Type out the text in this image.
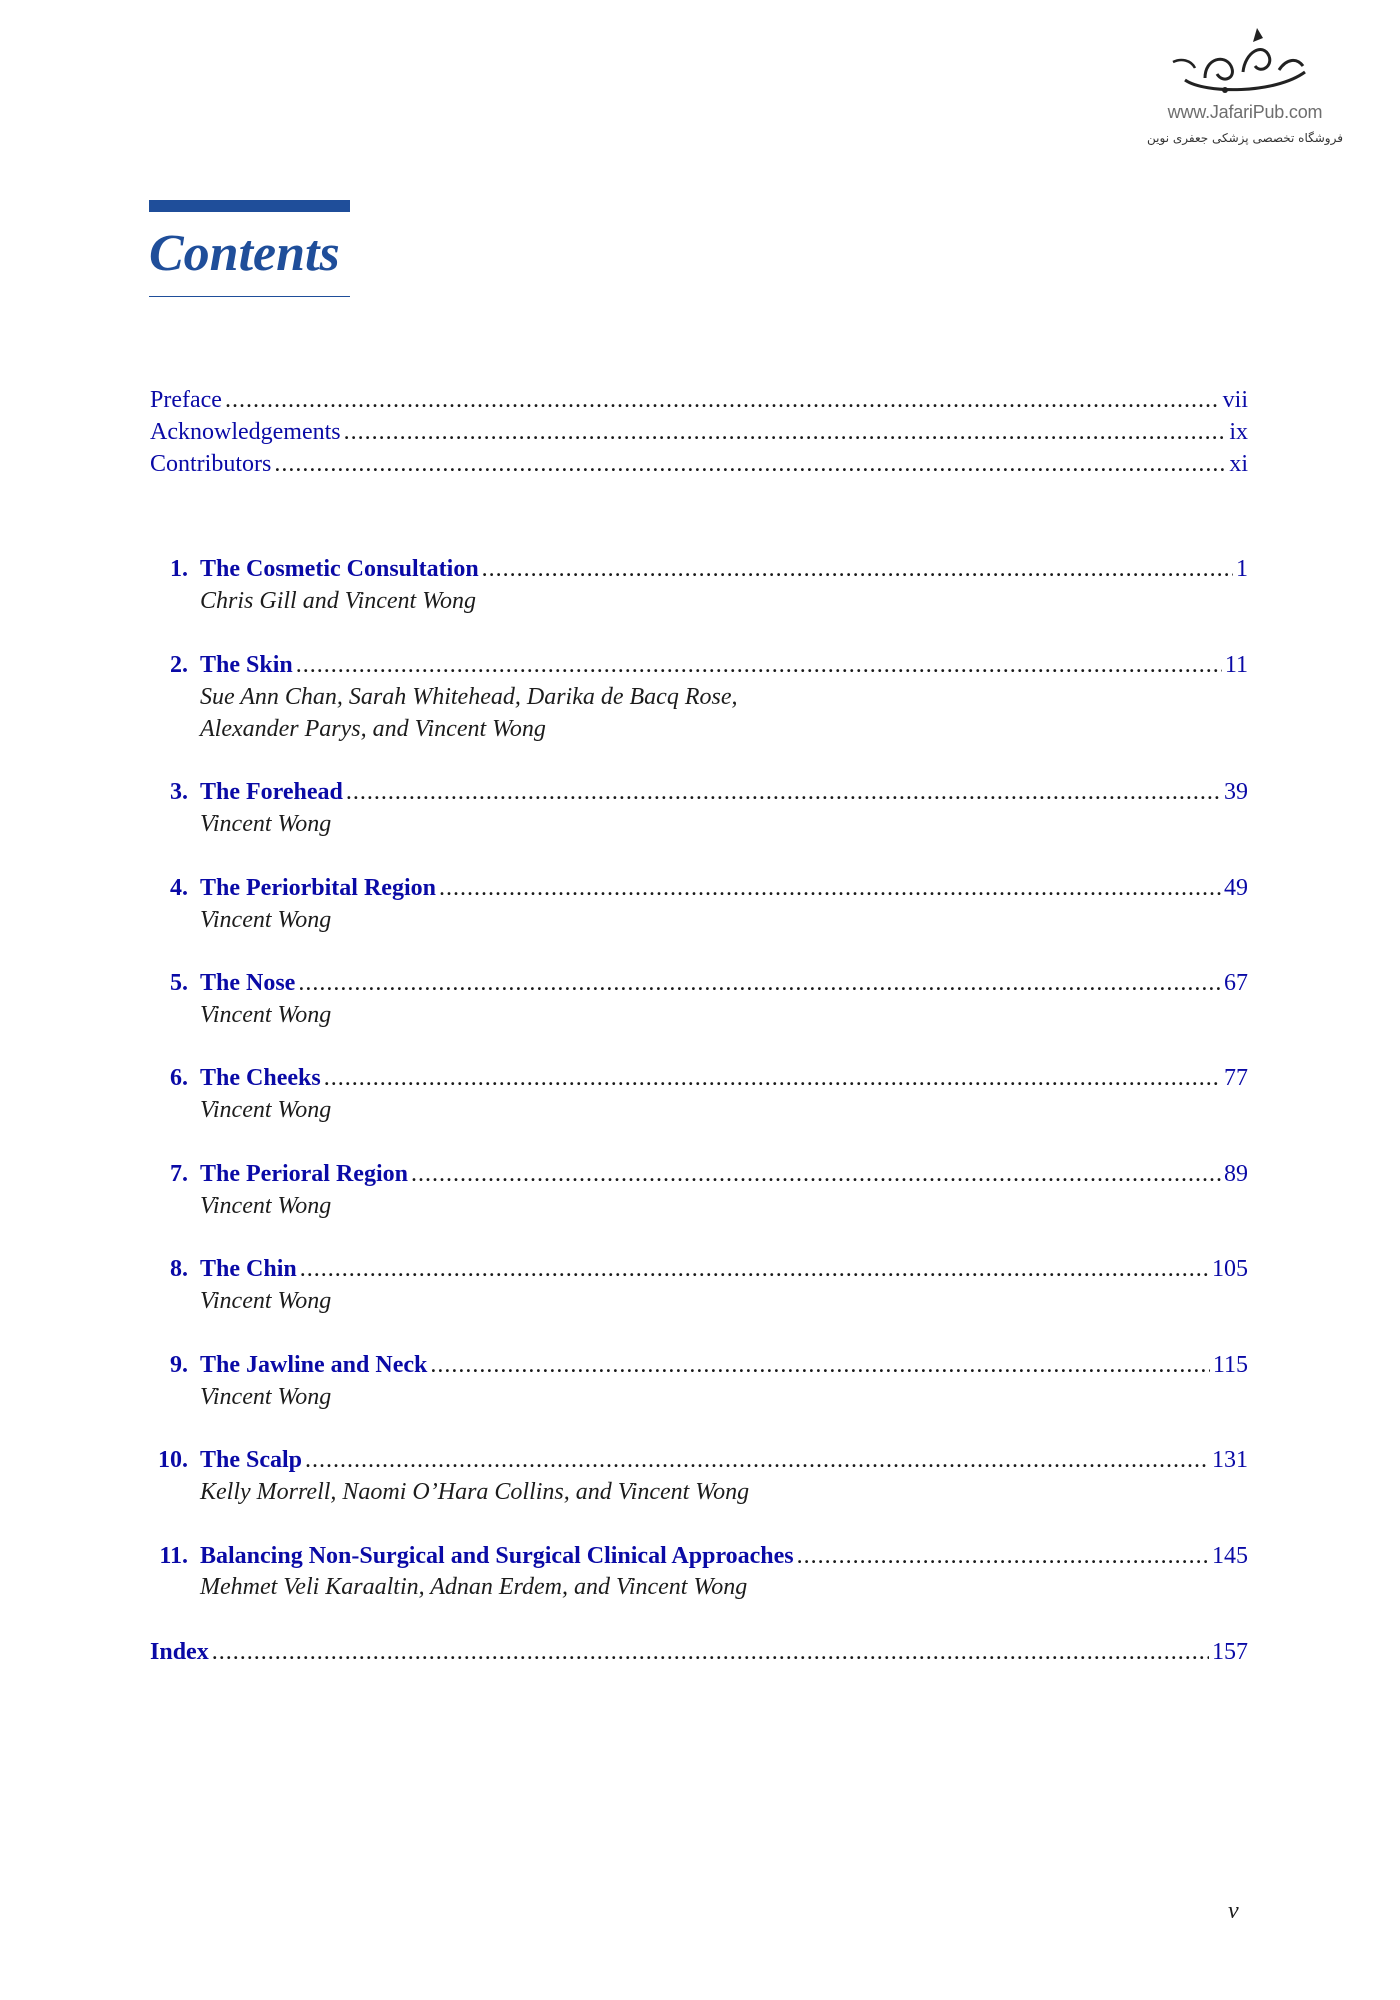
www.JafariPub.com
فروشگاه تخصصی پزشکی جعفری نوین
Contents
Preface .....	vii
Acknowledgements .....	ix
Contributors .....	xi
1. The Cosmetic Consultation .....	1
Chris Gill and Vincent Wong
2. The Skin .....	11
Sue Ann Chan, Sarah Whitehead, Darika de Bacq Rose,
Alexander Parys, and Vincent Wong
3. The Forehead .....	39
Vincent Wong
4. The Periorbital Region .....	49
Vincent Wong
5. The Nose .....	67
Vincent Wong
6. The Cheeks .....	77
Vincent Wong
7. The Perioral Region .....	89
Vincent Wong
8. The Chin .....	105
Vincent Wong
9. The Jawline and Neck .....	115
Vincent Wong
10. The Scalp .....	131
Kelly Morrell, Naomi O’Hara Collins, and Vincent Wong
11. Balancing Non-Surgical and Surgical Clinical Approaches .....	145
Mehmet Veli Karaaltin, Adnan Erdem, and Vincent Wong
Index .....	157
v
